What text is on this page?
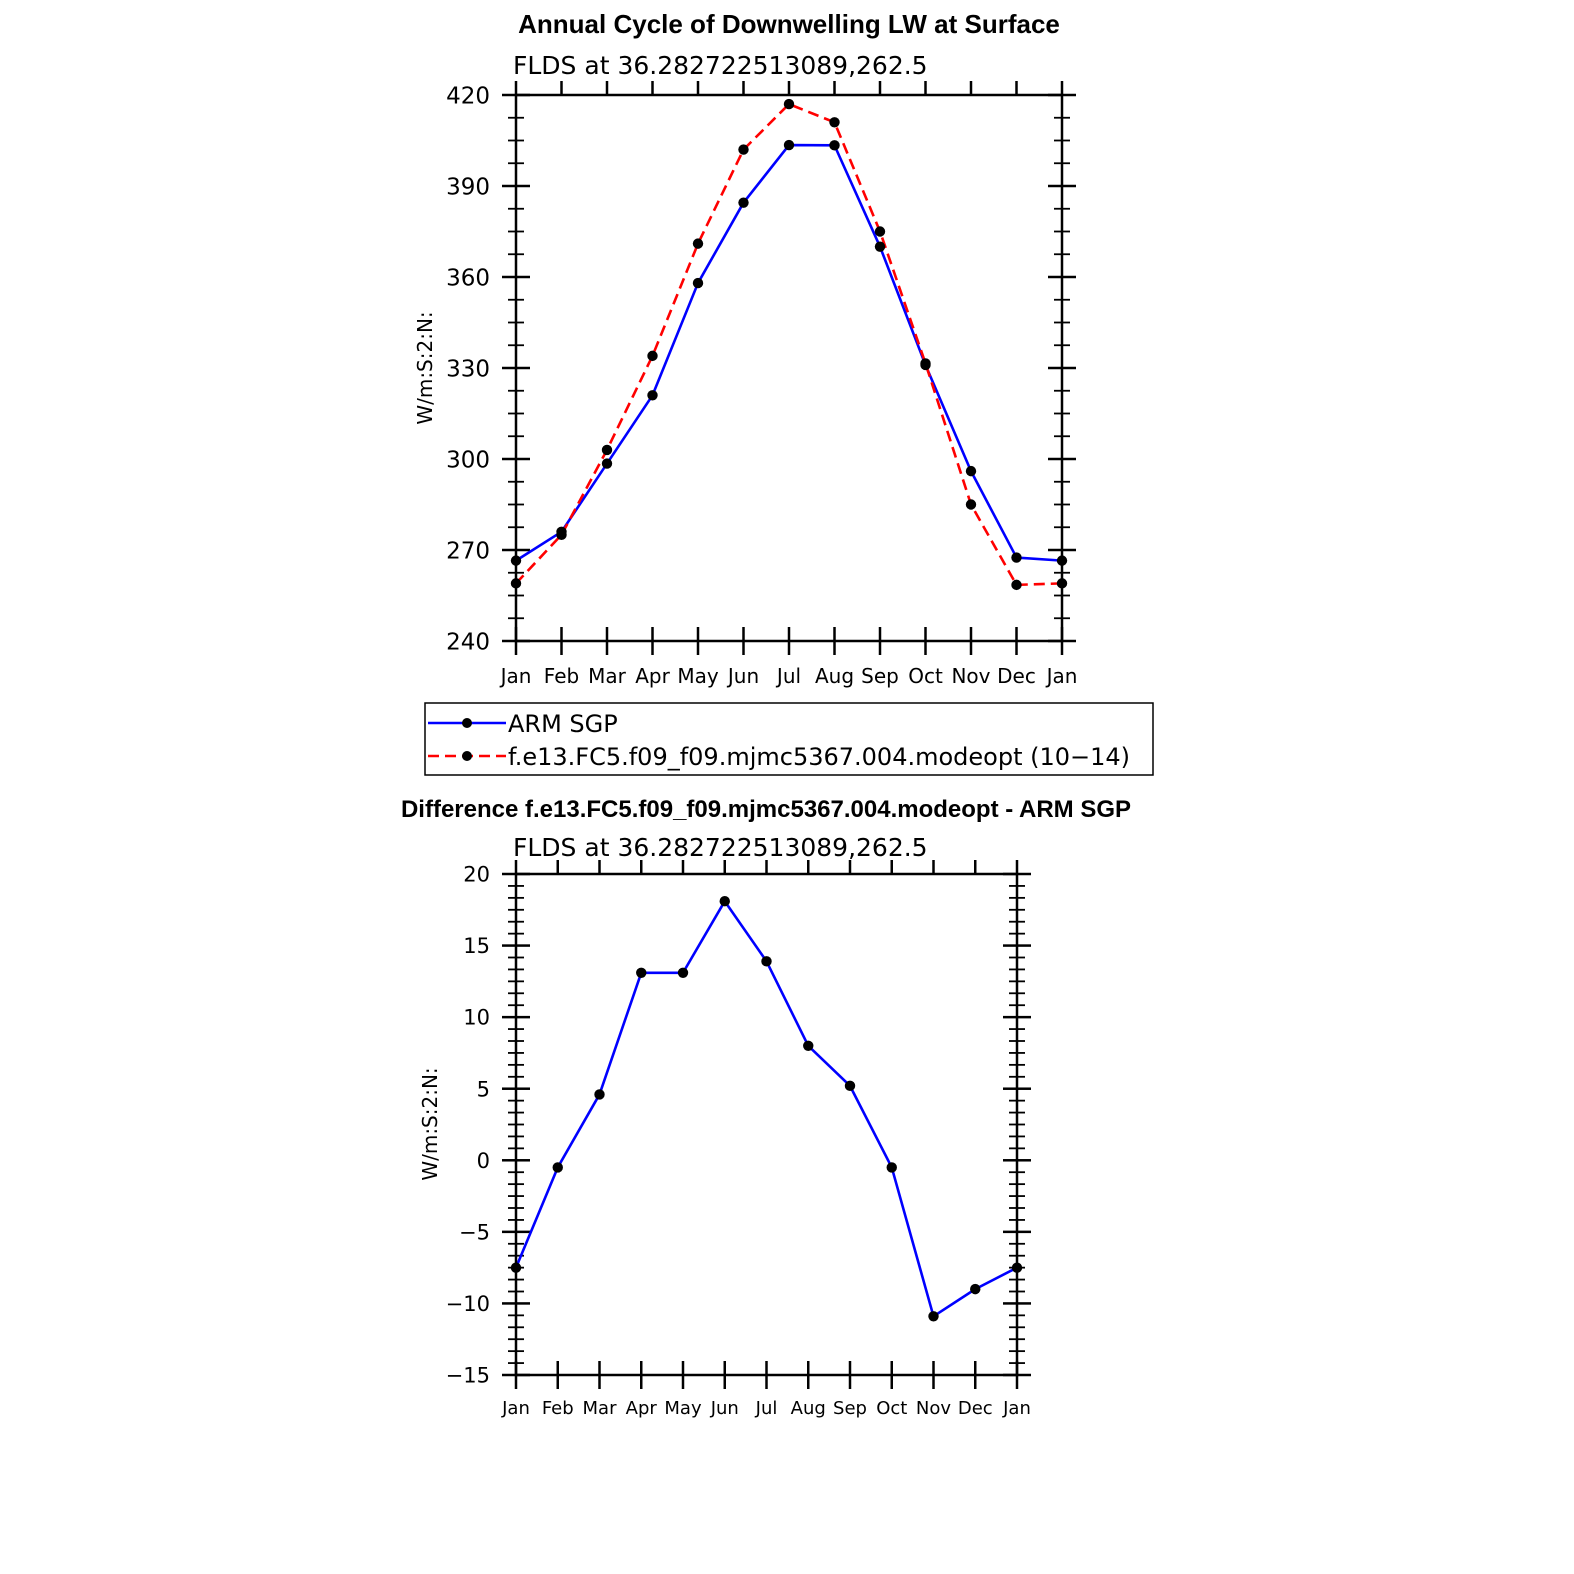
Annual Cycle of Downwelling LW at Surface
FLDS at 36.282722513089,262.5
W/m:S:2:N:
240
270
300
330
360
390
420
Jan Feb Mar Apr May Jun Jul Aug Sep Oct Nov Dec Jan
ARM SGP
f.e13.FC5.f09_f09.mjmc5367.004.modeopt (10−14)
Difference f.e13.FC5.f09_f09.mjmc5367.004.modeopt - ARM SGP
FLDS at 36.282722513089,262.5
W/m:S:2:N:
−15
−10
−5
0
5
10
15
20
Jan Feb Mar Apr May Jun Jul Aug Sep Oct Nov Dec Jan
